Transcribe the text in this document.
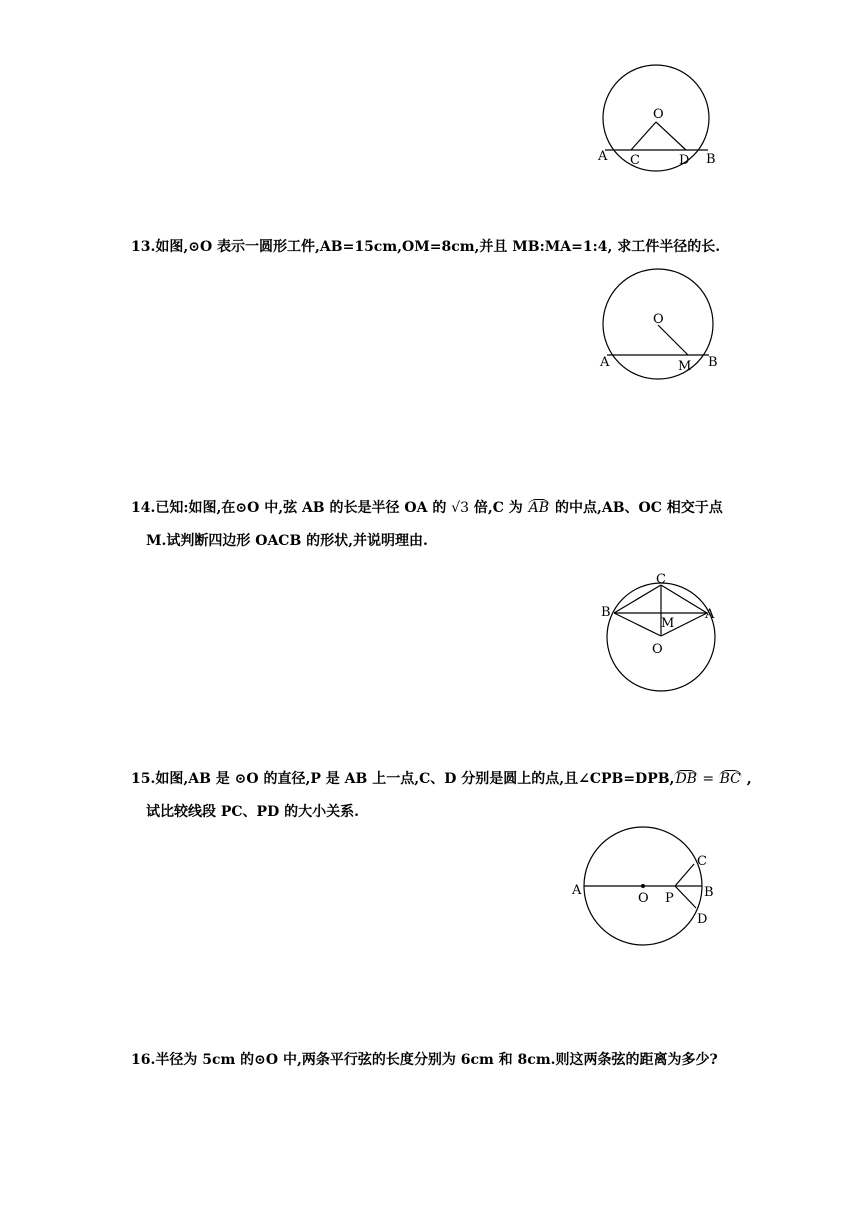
O
A C	D B
13.如图,⊙O 表示一圆形工件,AB=15cm,OM=8cm,并且 MB:MA=1:4, 求工件半径的长.
O
A	M B
14.已知:如图,在⊙O 中,弦 AB 的长是半径 OA 的 √3 倍,C 为 AB 的中点,AB、OC 相交于点
M.试判断四边形 OACB 的形状,并说明理由.
C
B	A
M
O
15.如图,AB 是 ⊙O 的直径,P 是 AB 上一点,C、D 分别是圆上的点,且∠CPB=DPB,DB = BC ,
试比较线段 PC、PD 的大小关系.
A
O P B
C
D
16.半径为 5cm 的⊙O 中,两条平行弦的长度分别为 6cm 和 8cm.则这两条弦的距离为多少?
